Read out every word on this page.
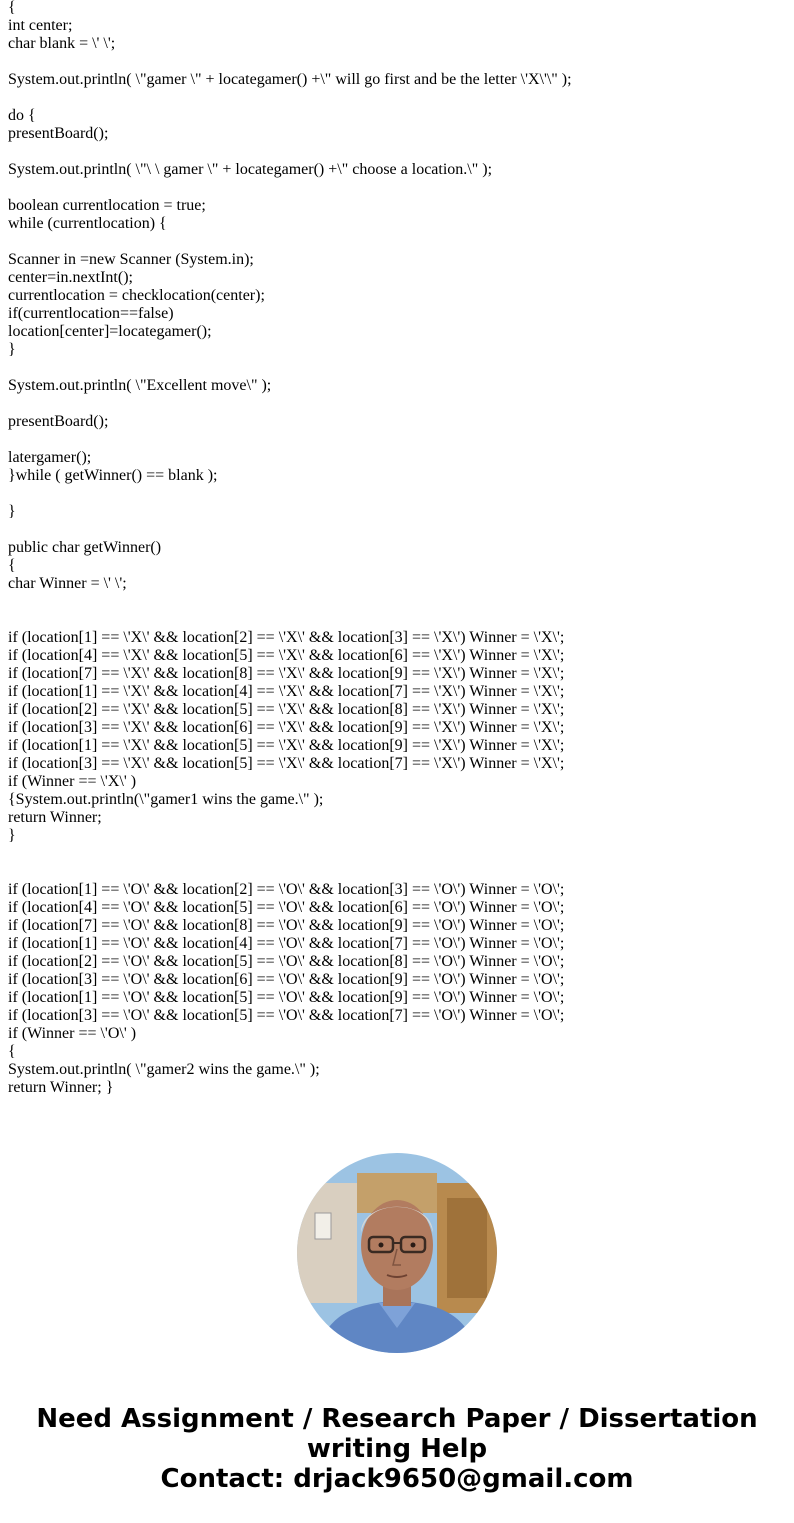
{
int center;
char blank = \' \';
System.out.println( \"gamer \" + locategamer() +\" will go first and be the letter \'X\'\" );
do {
presentBoard();
System.out.println( \"\ \ gamer \" + locategamer() +\" choose a location.\" );
boolean currentlocation = true;
while (currentlocation) {
Scanner in =new Scanner (System.in);
center=in.nextInt();
currentlocation = checklocation(center);
if(currentlocation==false)
location[center]=locategamer();
}
System.out.println( \"Excellent move\" );
presentBoard();
latergamer();
}while ( getWinner() == blank );
}
public char getWinner()
{
char Winner = \' \';
if (location[1] == \'X\' && location[2] == \'X\' && location[3] == \'X\') Winner = \'X\';
if (location[4] == \'X\' && location[5] == \'X\' && location[6] == \'X\') Winner = \'X\';
if (location[7] == \'X\' && location[8] == \'X\' && location[9] == \'X\') Winner = \'X\';
if (location[1] == \'X\' && location[4] == \'X\' && location[7] == \'X\') Winner = \'X\';
if (location[2] == \'X\' && location[5] == \'X\' && location[8] == \'X\') Winner = \'X\';
if (location[3] == \'X\' && location[6] == \'X\' && location[9] == \'X\') Winner = \'X\';
if (location[1] == \'X\' && location[5] == \'X\' && location[9] == \'X\') Winner = \'X\';
if (location[3] == \'X\' && location[5] == \'X\' && location[7] == \'X\') Winner = \'X\';
if (Winner == \'X\' )
{System.out.println(\"gamer1 wins the game.\" );
return Winner;
}
if (location[1] == \'O\' && location[2] == \'O\' && location[3] == \'O\') Winner = \'O\';
if (location[4] == \'O\' && location[5] == \'O\' && location[6] == \'O\') Winner = \'O\';
if (location[7] == \'O\' && location[8] == \'O\' && location[9] == \'O\') Winner = \'O\';
if (location[1] == \'O\' && location[4] == \'O\' && location[7] == \'O\') Winner = \'O\';
if (location[2] == \'O\' && location[5] == \'O\' && location[8] == \'O\') Winner = \'O\';
if (location[3] == \'O\' && location[6] == \'O\' && location[9] == \'O\') Winner = \'O\';
if (location[1] == \'O\' && location[5] == \'O\' && location[9] == \'O\') Winner = \'O\';
if (location[3] == \'O\' && location[5] == \'O\' && location[7] == \'O\') Winner = \'O\';
if (Winner == \'O\' )
{
System.out.println( \"gamer2 wins the game.\" );
return Winner; }
Need Assignment / Research Paper / Dissertation
writing Help
Contact: drjack9650@gmail.com
